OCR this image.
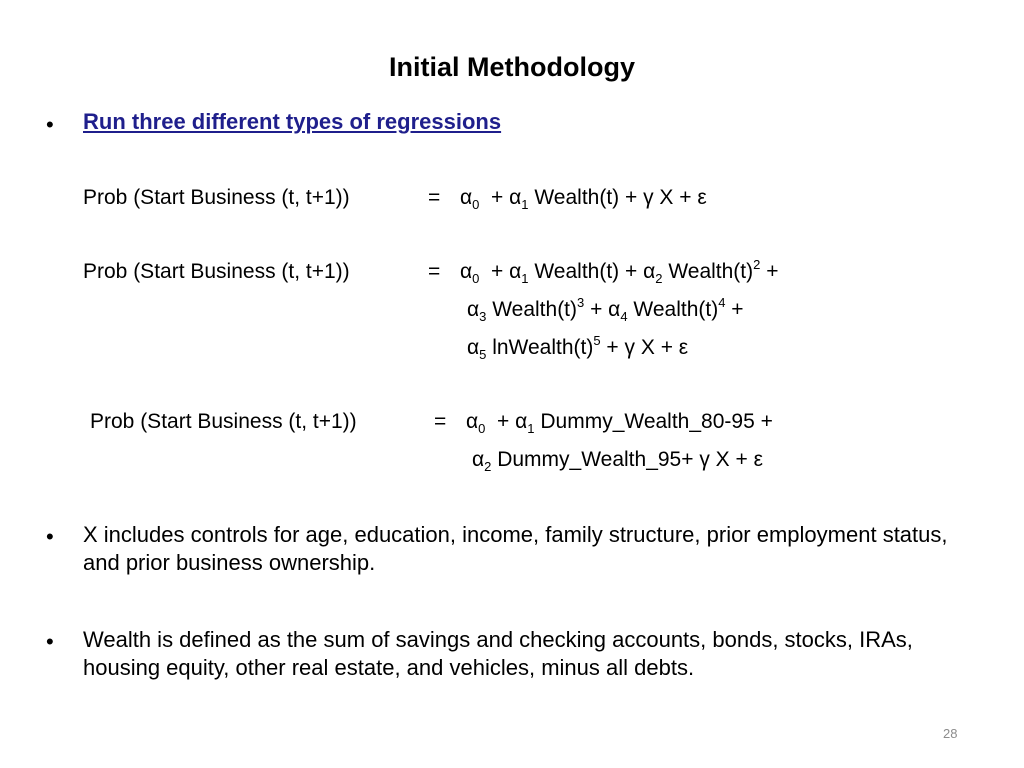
Initial Methodology
• Run three different types of regressions
Prob (Start Business (t, t+1))	= $\alpha_0 + \alpha_1$ Wealth(t) + γ X + ε
Prob (Start Business (t, t+1))	= $\alpha_0 + \alpha_1$ Wealth(t) + $\alpha_2$ $Wealth(t)^2$ +
$\alpha_3$ $Wealth(t)^3 + \alpha_4$ $Wealth(t)^4$ +
$\alpha_5$ $lnWealth(t)^5 + \gamma$ X + ε
Prob (Start Business (t, t+1))	= $\alpha_0 + \alpha_1$ Dummy_Wealth_80-95 +
$\alpha_2$ Dummy_Wealth_95+ γ X + ε
• X includes controls for age, education, income, family structure, prior employment status, and prior business ownership.
• Wealth is defined as the sum of savings and checking accounts, bonds, stocks, IRAs, housing equity, other real estate, and vehicles, minus all debts.
28
